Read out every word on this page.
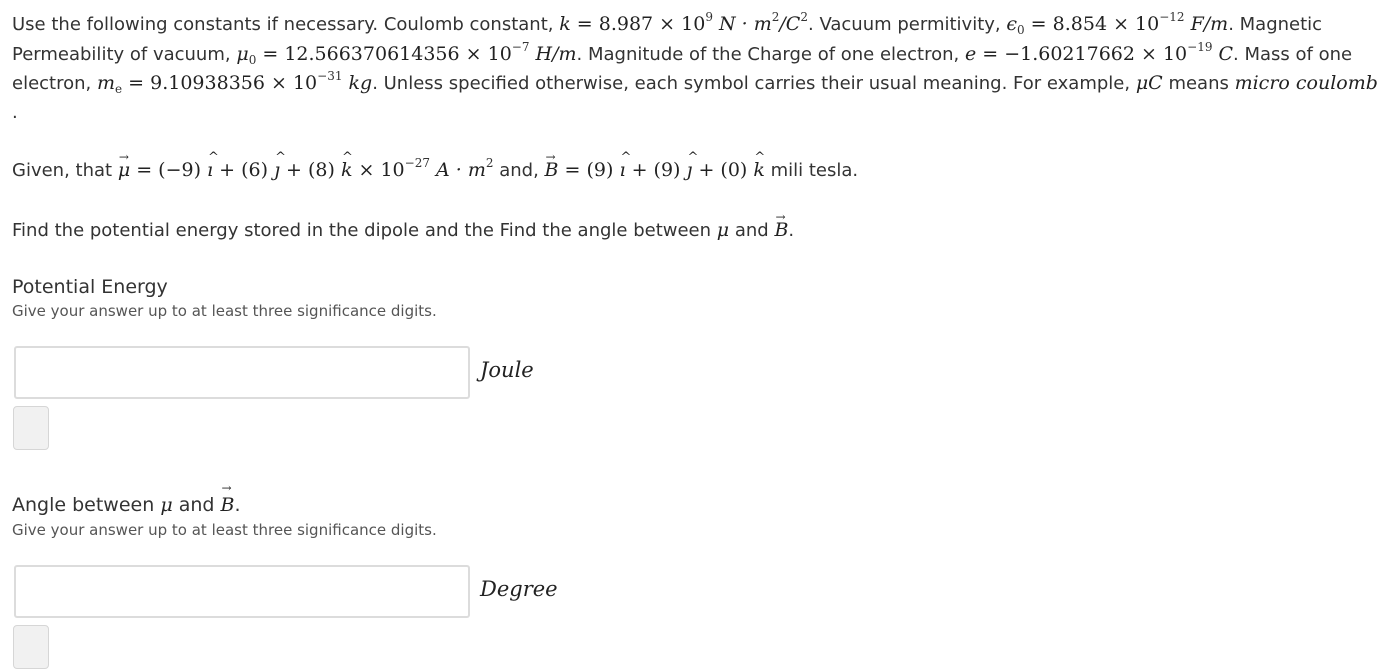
Use the following constants if necessary. Coulomb constant, $k = 8.987 \times 10^9$ $N \cdot m^2/C^2$. Vacuum permitivity, $\epsilon_0 = 8.854 \times 10^{-12}$ F/m. Magnetic
Permeability of vacuum, $\mu_0 = 12.566370614356 \times 10^{-7}$ H/m. Magnitude of the Charge of one electron, $e = -1.60217662 \times 10^{-19}$ C. Mass of one
electron, $m_e = 9.10938356 \times 10^{-31}$ kg. Unless specified otherwise, each symbol carries their usual meaning. For example, μC means micro coulomb
.
Given, that → μ = (−9) ^ ı + (6) ^ ȷ + (8) ^ $k \times 10^{-27}$ $A \cdot m^2$ and, → B = (9) ^ ı + (9) ^ ȷ + (0) ^ k mili tesla.
Find the potential energy stored in the dipole and the Find the angle between μ and → B.
Potential Energy
Give your answer up to at least three significance digits.
Joule
Angle between μ and → B.
Give your answer up to at least three significance digits.
Degree
